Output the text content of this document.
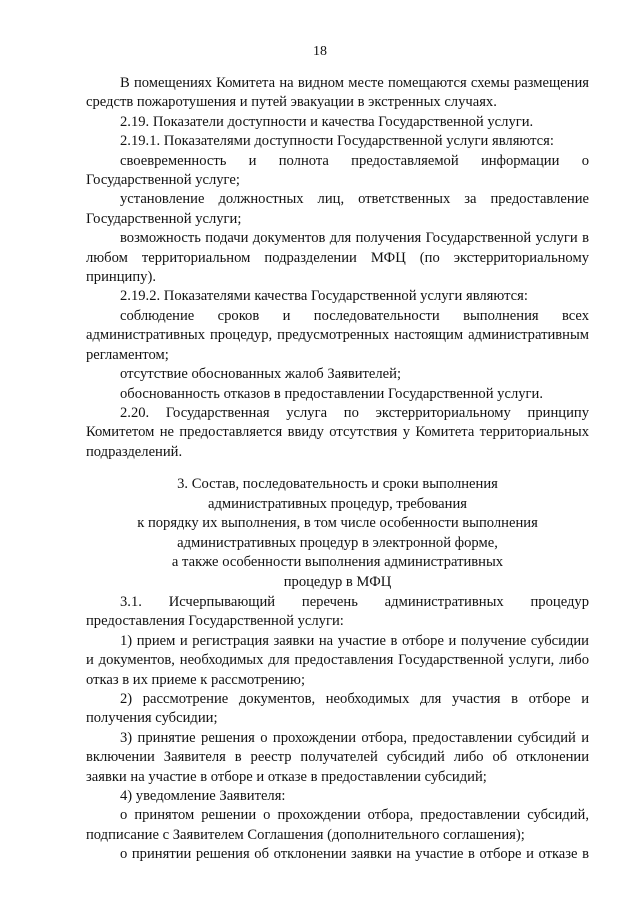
18

В помещениях Комитета на видном месте помещаются схемы размещения средств пожаротушения и путей эвакуации в экстренных случаях.

2.19. Показатели доступности и качества Государственной услуги.

2.19.1. Показателями доступности Государственной услуги являются:

своевременность и полнота предоставляемой информации о Государственной услуге;

установление должностных лиц, ответственных за предоставление Государственной услуги;

возможность подачи документов для получения Государственной услуги в любом территориальном подразделении МФЦ (по экстерриториальному принципу).

2.19.2. Показателями качества Государственной услуги являются:

соблюдение сроков и последовательности выполнения всех административных процедур, предусмотренных настоящим административным регламентом;

отсутствие обоснованных жалоб Заявителей;

обоснованность отказов в предоставлении Государственной услуги.

2.20. Государственная услуга по экстерриториальному принципу Комитетом не предоставляется ввиду отсутствия у Комитета территориальных подразделений.

3. Состав, последовательность и сроки выполнения
административных процедур, требования
к порядку их выполнения, в том числе особенности выполнения
административных процедур в электронной форме,
а также особенности выполнения административных
процедур в МФЦ

3.1. Исчерпывающий перечень административных процедур предоставления Государственной услуги:

1) прием и регистрация заявки на участие в отборе и получение субсидии и документов, необходимых для предоставления Государственной услуги, либо отказ в их приеме к рассмотрению;

2) рассмотрение документов, необходимых для участия в отборе и получения субсидии;

3) принятие решения о прохождении отбора, предоставлении субсидий и включении Заявителя в реестр получателей субсидий либо об отклонении заявки на участие в отборе и отказе в предоставлении субсидий;

4) уведомление Заявителя:

о принятом решении о прохождении отбора, предоставлении субсидий, подписание с Заявителем Соглашения (дополнительного соглашения);

о принятии решения об отклонении заявки на участие в отборе и отказе в
